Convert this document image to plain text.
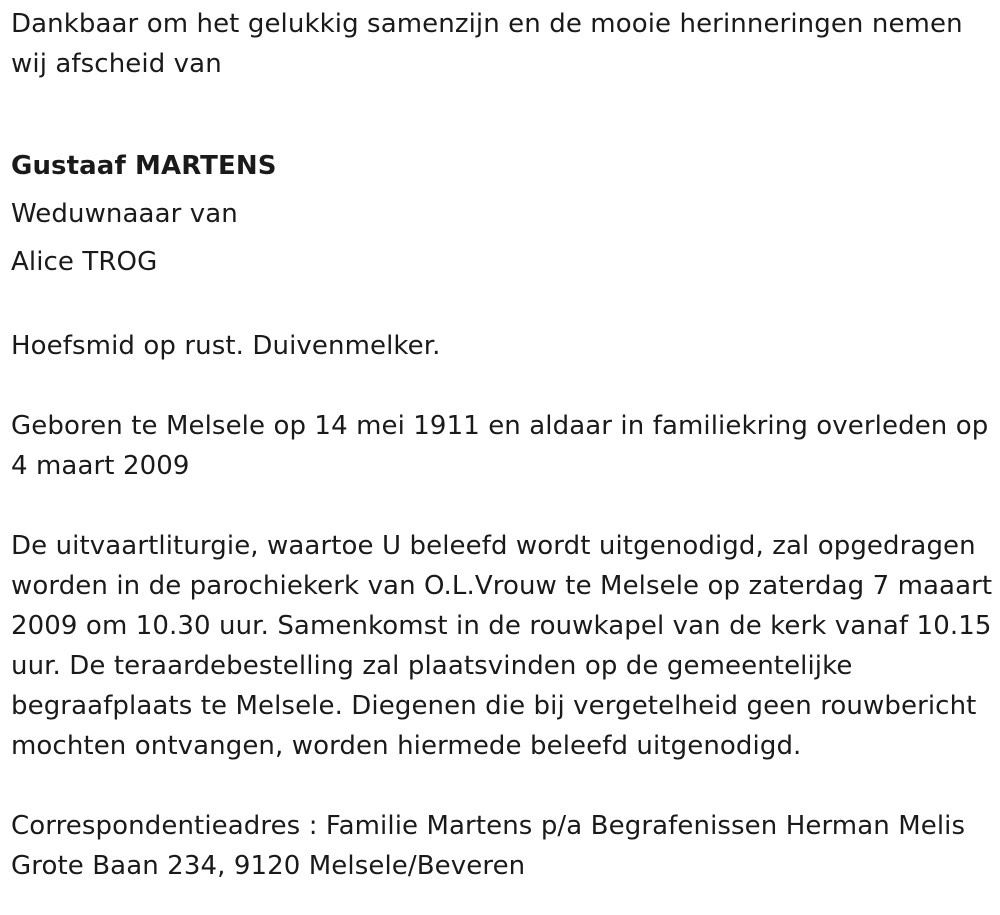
Dankbaar om het gelukkig samenzijn en de mooie herinneringen nemen wij afscheid van

Gustaaf MARTENS

Weduwnaaar van

Alice TROG

Hoefsmid op rust. Duivenmelker.

Geboren te Melsele op 14 mei 1911 en aldaar in familiekring overleden op 4 maart 2009

De uitvaartliturgie, waartoe U beleefd wordt uitgenodigd, zal opgedragen worden in de parochiekerk van O.L.Vrouw te Melsele op zaterdag 7 maaart 2009 om 10.30 uur. Samenkomst in de rouwkapel van de kerk vanaf 10.15 uur. De teraardebestelling zal plaatsvinden op de gemeentelijke begraafplaats te Melsele. Diegenen die bij vergetelheid geen rouwbericht mochten ontvangen, worden hiermede beleefd uitgenodigd.

Correspondentieadres : Familie Martens p/a Begrafenissen Herman Melis Grote Baan 234, 9120 Melsele/Beveren
